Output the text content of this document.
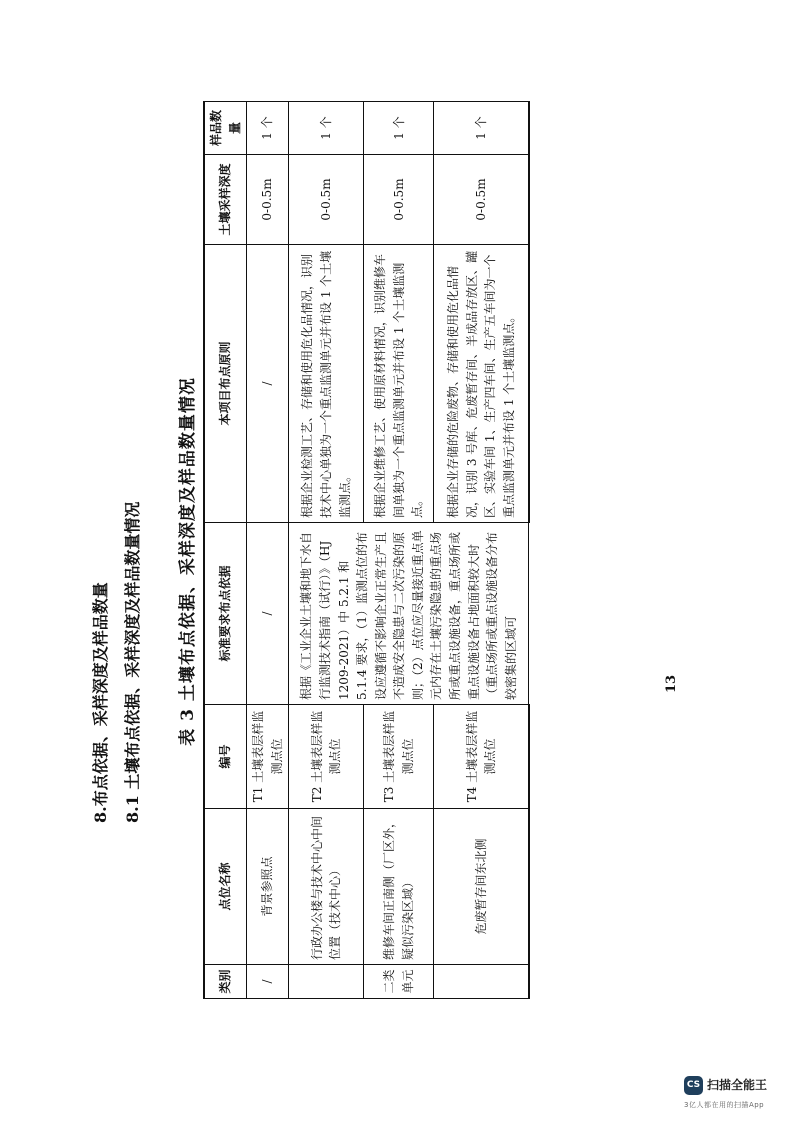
8.布点依据、采样深度及样品数量 8.1 土壤布点依据、采样深度及样品数量情况 表 3 土壤布点依据、采样深度及样品数量情况
类别	点位名称	编号	标准要求布点依据	本项目布点原则	土壤采样深度	样品数量
/	背景参照点	T1 土壤表层样监测点位	/	/	0-0.5m	1 个
	行政办公楼与技术中心中间位置（技术中心）	T2 土壤表层样监测点位	根据《工业企业土壤和地下水自行监测技术指南（试行）》（HJ 1209-2021）中 5.2.1 和 5.1.4 要求，（1）监测点位的布设应遵循不影响企业正常生产且不造成安全隐患与二次污染的原则；（2）点位应尽量接近重点单元内存在土壤污染隐患的重点场所或重点设施设备，重点场所或重点设施设备占地面积较大时（重点场所或重点设施设备分布较密集的区域可	根据企业检测工艺、存储和使用危化品情况，识别技术中心单独为一个重点监测单元并布设 1 个土壤监测点。	0-0.5m	1 个
二类单元	维修车间正南侧（厂区外，疑似污染区域）	T3 土壤表层样监测点位		根据企业维修工艺、使用原材料情况，识别维修车间单独为一个重点监测单元并布设 1 个土壤监测点。	0-0.5m	1 个
	危废暂存间东北侧	T4 土壤表层样监测点位		根据企业存储的危险废物、存储和使用危化品情况，识别 3 号库、危废暂存间、半成品存放区、罐区、实验车间 1、生产四车间、生产五车间为一个重点监测单元并布设 1 个土壤监测点。	0-0.5m	1 个
13
CS 扫描全能王
3亿人都在用的扫描App
